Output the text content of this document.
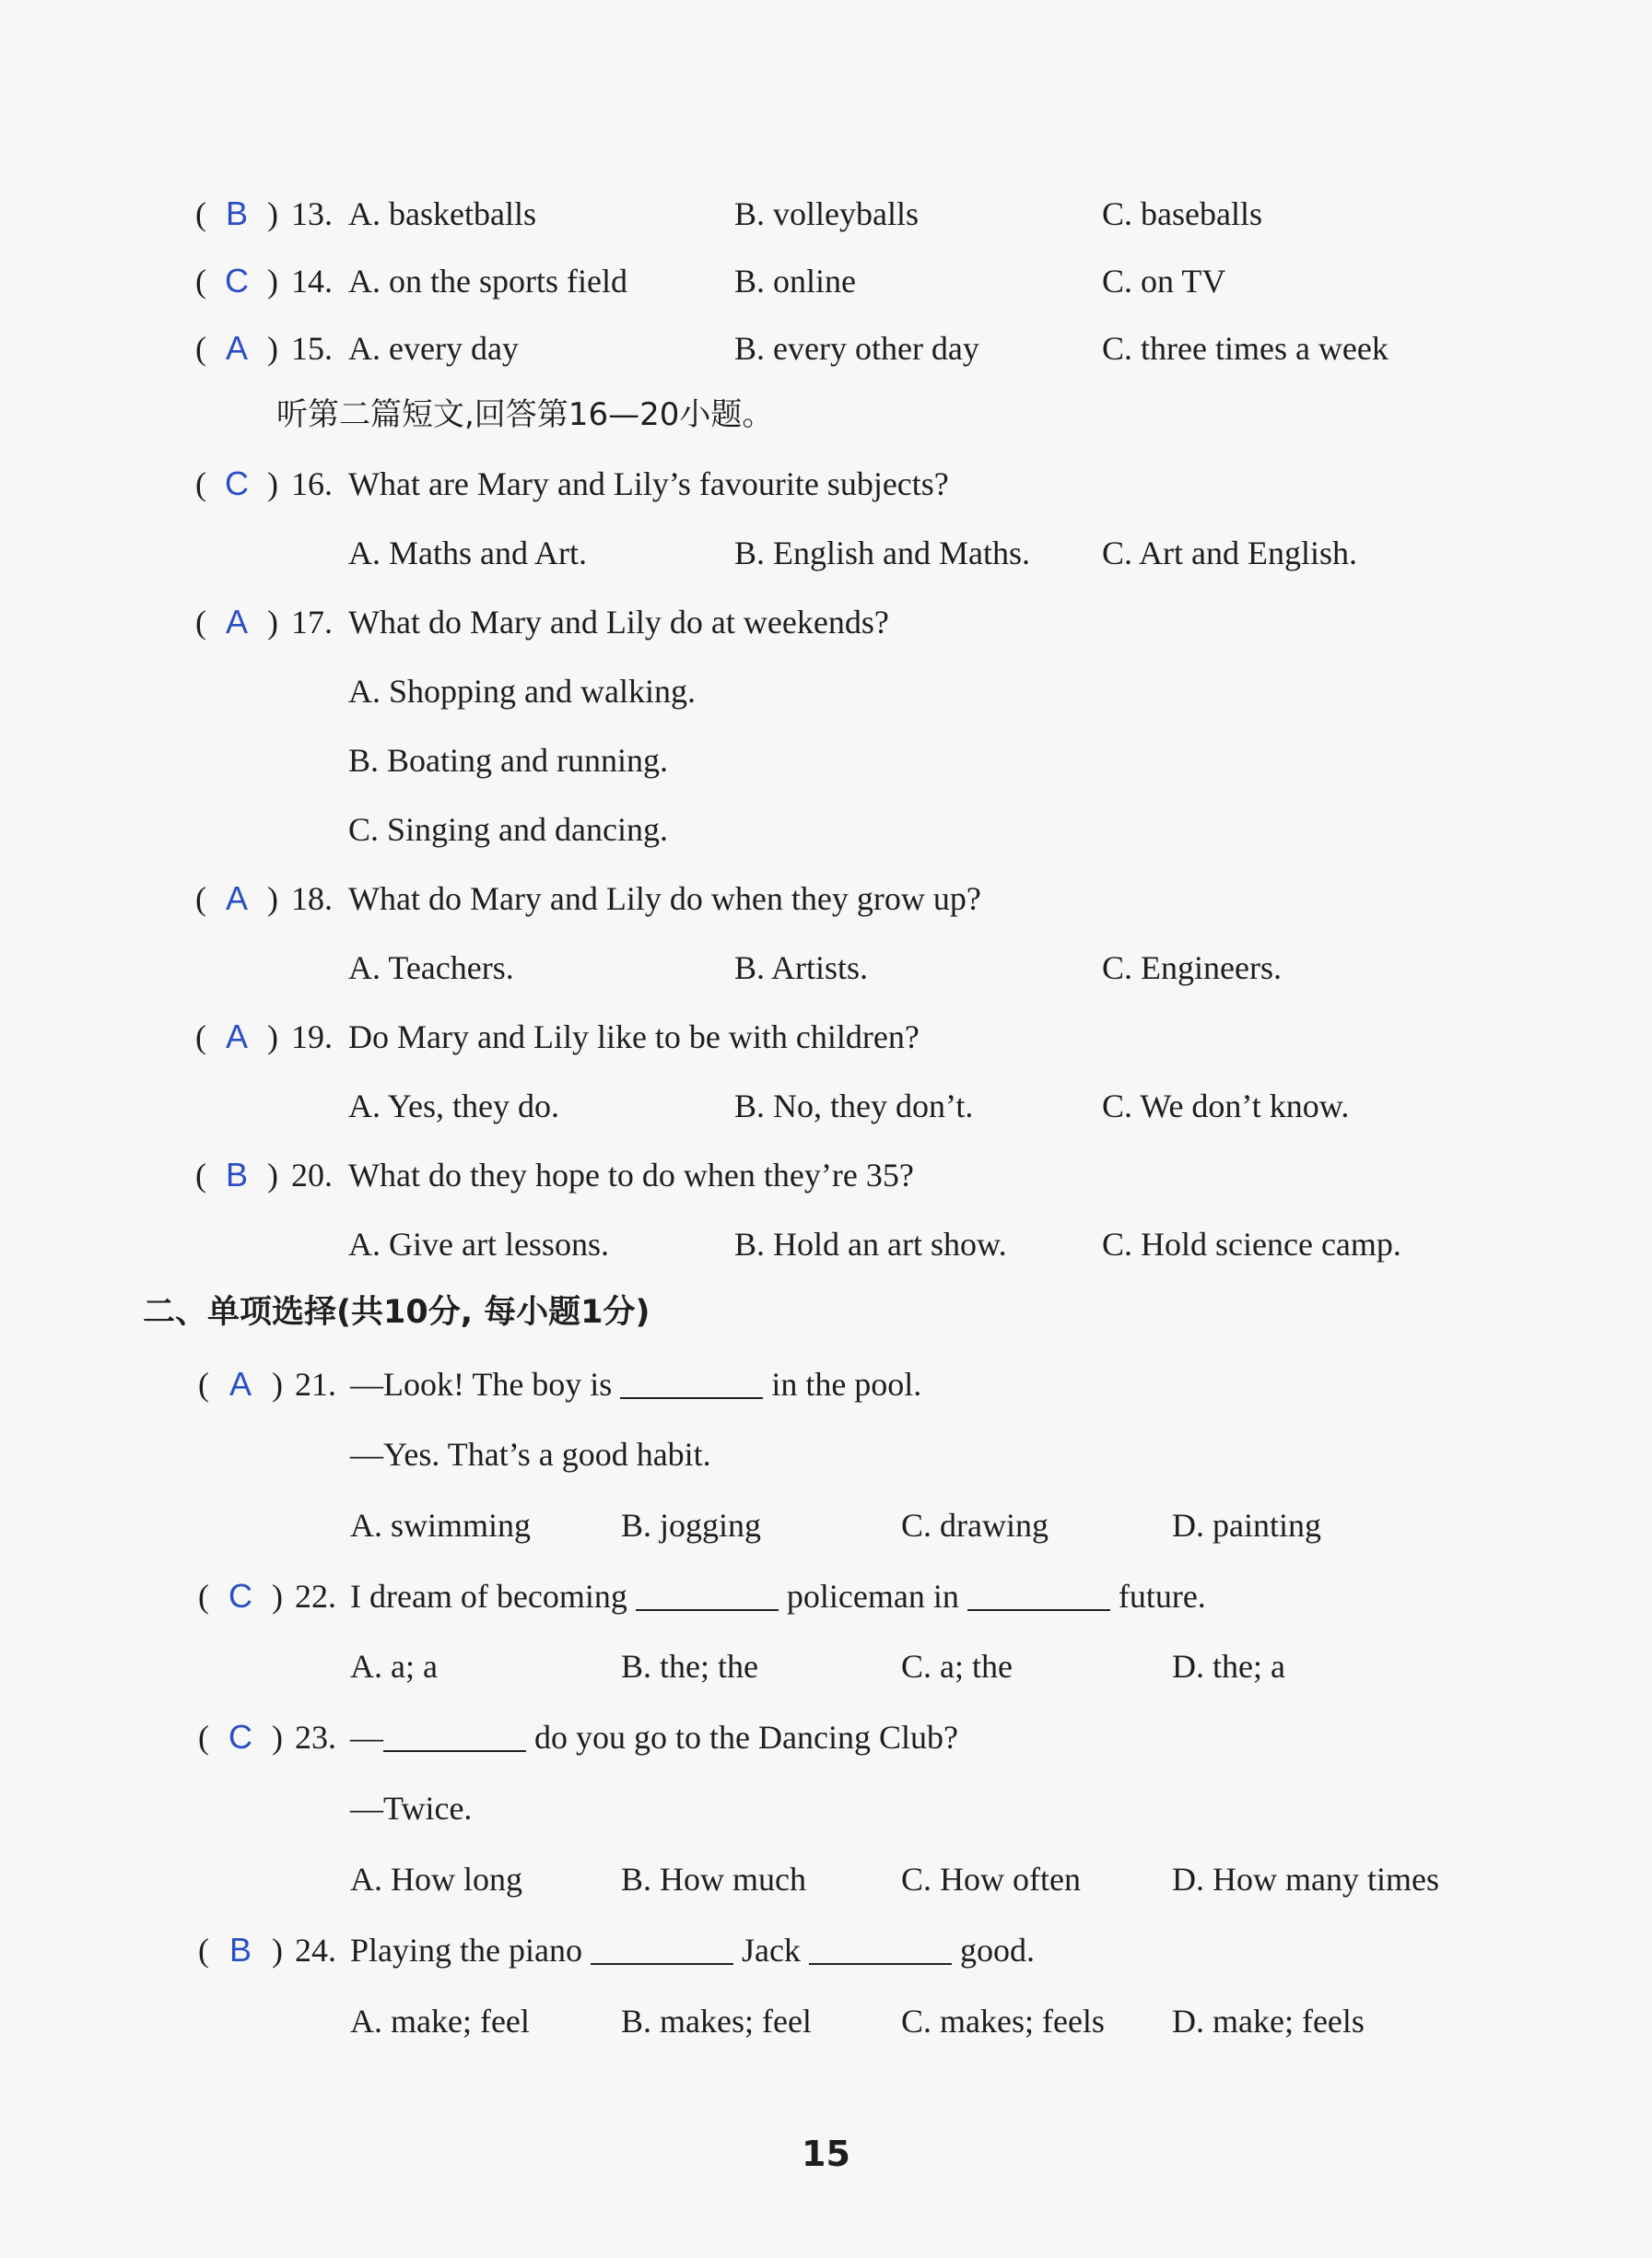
( B ) 13. A. basketballs	B. volleyballs	C. baseballs
( C ) 14. A. on the sports field	B. online	C. on TV
( A ) 15. A. every day	B. every other day	C. three times a week
听第二篇短文,回答第16—20小题。
( C ) 16. What are Mary and Lily’s favourite subjects?
A. Maths and Art.	B. English and Maths. C. Art and English.
( A ) 17. What do Mary and Lily do at weekends?
A. Shopping and walking.
B. Boating and running.
C. Singing and dancing.
( A ) 18. What do Mary and Lily do when they grow up?
A. Teachers.	B. Artists.	C. Engineers.
( A ) 19. Do Mary and Lily like to be with children?
A. Yes, they do.	B. No, they don’t.	C. We don’t know.
( B ) 20. What do they hope to do when they’re 35?
A. Give art lessons.	B. Hold an art show.	C. Hold science camp.
二、单项选择(共10分, 每小题1分)
( A ) 21. —Look! The boy is	in the pool.
—Yes. That’s a good habit.
A. swimming	B. jogging	C. drawing	D. painting
( C ) 22. I dream of becoming	policeman in	future.
A. a; a	B. the; the	C. a; the	D. the; a
( C ) 23. —	do you go to the Dancing Club?
—Twice.
A. How long	B. How much	C. How often	D. How many times
( B ) 24. Playing the piano	Jack	good.
A. make; feel	B. makes; feel	C. makes; feels D. make; feels
15
